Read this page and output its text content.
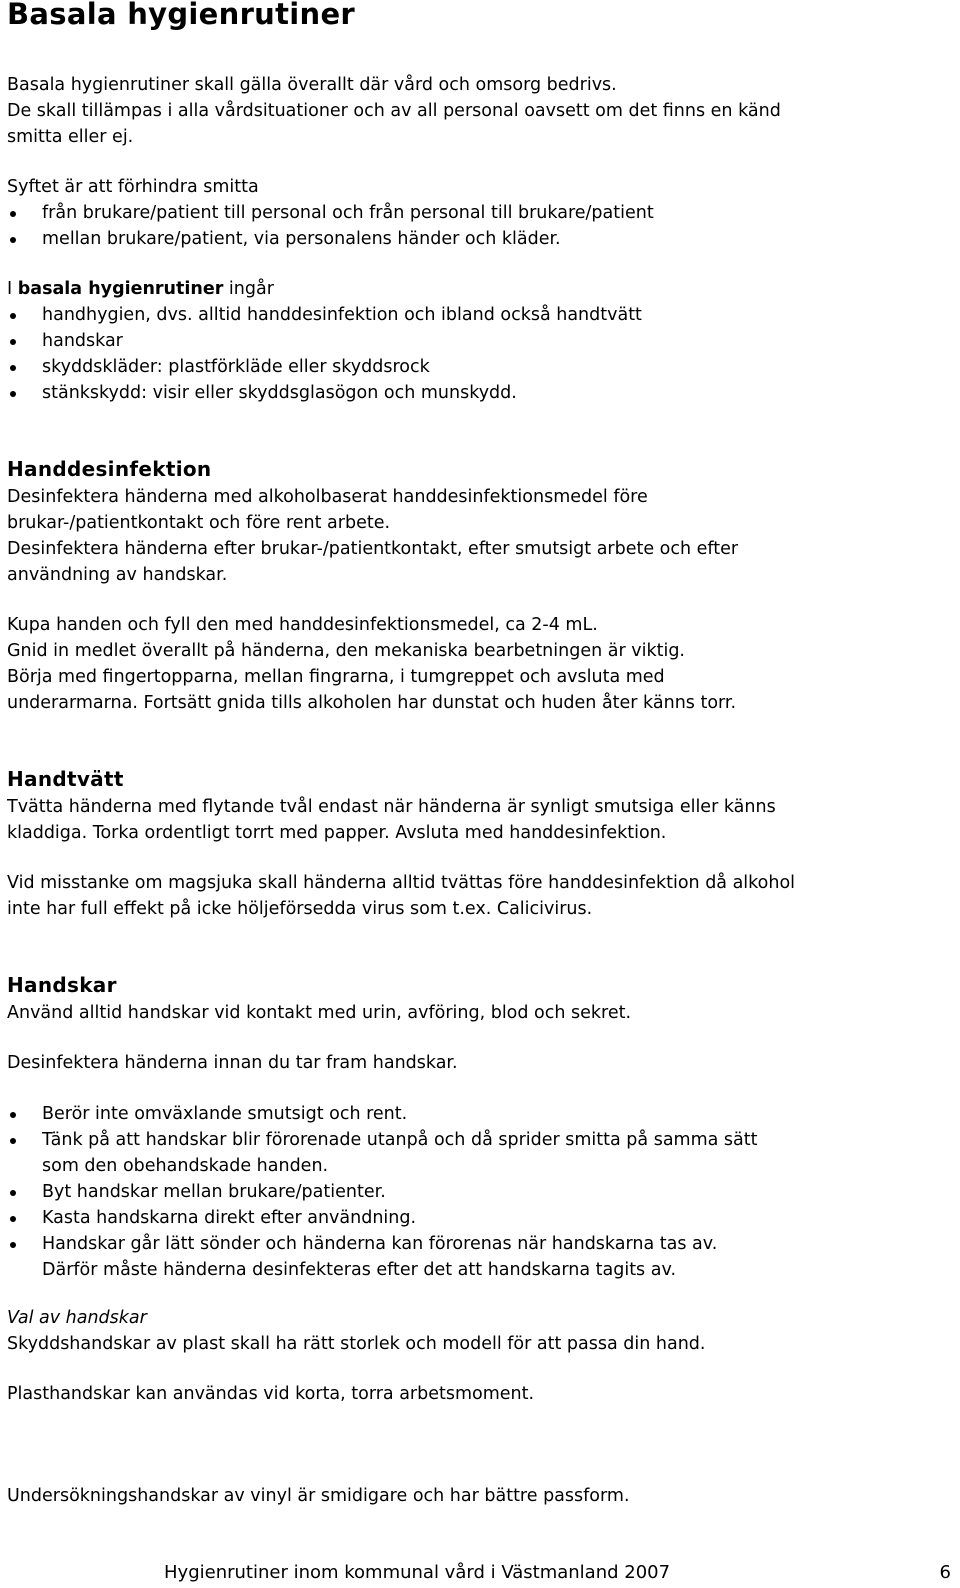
Basala hygienrutiner

Basala hygienrutiner skall gälla överallt där vård och omsorg bedrivs.

De skall tillämpas i alla vårdsituationer och av all personal oavsett om det finns en känd

smitta eller ej.

Syftet är att förhindra smitta

från brukare/patient till personal och från personal till brukare/patient
mellan brukare/patient, via personalens händer och kläder.

I basala hygienrutiner ingår

handhygien, dvs. alltid handdesinfektion och ibland också handtvätt
handskar
skyddskläder: plastförkläde eller skyddsrock
stänkskydd: visir eller skyddsglasögon och munskydd.
Handdesinfektion

Desinfektera händerna med alkoholbaserat handdesinfektionsmedel före

brukar-/patientkontakt och före rent arbete.

Desinfektera händerna efter brukar-/patientkontakt, efter smutsigt arbete och efter

användning av handskar.

Kupa handen och fyll den med handdesinfektionsmedel, ca 2-4 mL.

Gnid in medlet överallt på händerna, den mekaniska bearbetningen är viktig.

Börja med fingertopparna, mellan fingrarna, i tumgreppet och avsluta med

underarmarna. Fortsätt gnida tills alkoholen har dunstat och huden åter känns torr.

Handtvätt

Tvätta händerna med flytande tvål endast när händerna är synligt smutsiga eller känns

kladdiga. Torka ordentligt torrt med papper. Avsluta med handdesinfektion.

Vid misstanke om magsjuka skall händerna alltid tvättas före handdesinfektion då alkohol

inte har full effekt på icke höljeförsedda virus som t.ex. Calicivirus.

Handskar

Använd alltid handskar vid kontakt med urin, avföring, blod och sekret.

Desinfektera händerna innan du tar fram handskar.

Berör inte omväxlande smutsigt och rent.
Tänk på att handskar blir förorenade utanpå och då sprider smitta på samma sätt
som den obehandskade handen.
Byt handskar mellan brukare/patienter.
Kasta handskarna direkt efter användning.
Handskar går lätt sönder och händerna kan förorenas när handskarna tas av.
Därför måste händerna desinfekteras efter det att handskarna tagits av.

Val av handskar

Skyddshandskar av plast skall ha rätt storlek och modell för att passa din hand.

Plasthandskar kan användas vid korta, torra arbetsmoment.

Undersökningshandskar av vinyl är smidigare och har bättre passform.

Hygienrutiner inom kommunal vård i Västmanland 2007	6
